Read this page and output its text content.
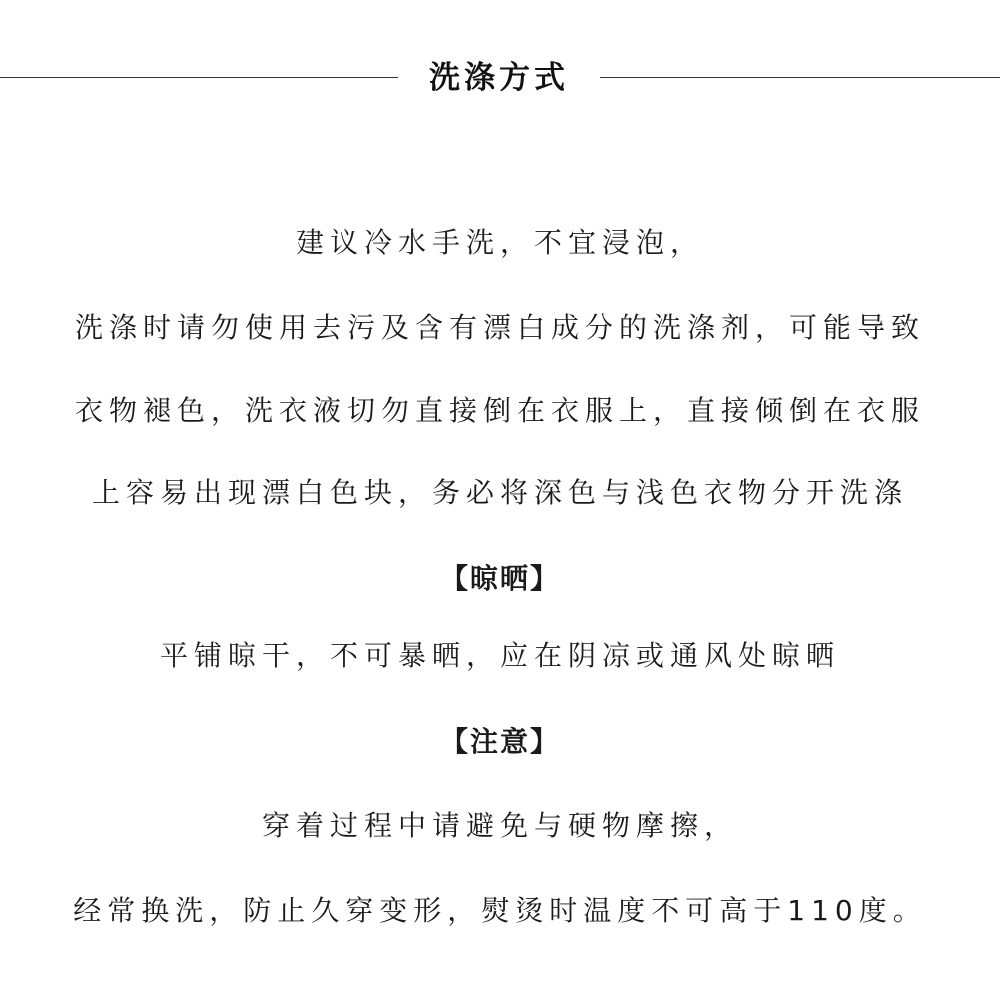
洗涤方式
建议冷水手洗，不宜浸泡，
洗涤时请勿使用去污及含有漂白成分的洗涤剂，可能导致
衣物褪色，洗衣液切勿直接倒在衣服上，直接倾倒在衣服
上容易出现漂白色块，务必将深色与浅色衣物分开洗涤
【晾晒】
平铺晾干，不可暴晒，应在阴凉或通风处晾晒
【注意】
穿着过程中请避免与硬物摩擦，
经常换洗，防止久穿变形，熨烫时温度不可高于110度。
